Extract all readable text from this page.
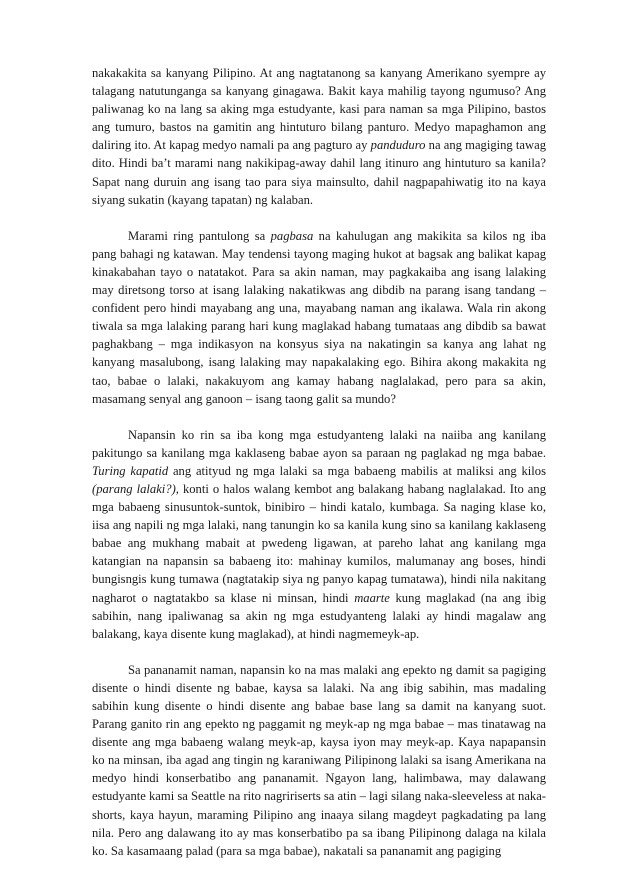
nakakakita sa kanyang Pilipino. At ang nagtatanong sa kanyang Amerikano syempre ay talagang natutunganga sa kanyang ginagawa. Bakit kaya mahilig tayong ngumuso? Ang paliwanag ko na lang sa aking mga estudyante, kasi para naman sa mga Pilipino, bastos ang tumuro, bastos na gamitin ang hintuturo bilang panturo. Medyo mapaghamon ang daliring ito. At kapag medyo namali pa ang pagturo ay panduduro na ang magiging tawag dito. Hindi ba’t marami nang nakikipag-away dahil lang itinuro ang hintuturo sa kanila? Sapat nang duruin ang isang tao para siya mainsulto, dahil nagpapahiwatig ito na kaya siyang sukatin (kayang tapatan) ng kalaban.

Marami ring pantulong sa pagbasa na kahulugan ang makikita sa kilos ng iba pang bahagi ng katawan. May tendensi tayong maging hukot at bagsak ang balikat kapag kinakabahan tayo o natatakot. Para sa akin naman, may pagkakaiba ang isang lalaking may diretsong torso at isang lalaking nakatikwas ang dibdib na parang isang tandang – confident pero hindi mayabang ang una, mayabang naman ang ikalawa. Wala rin akong tiwala sa mga lalaking parang hari kung maglakad habang tumataas ang dibdib sa bawat paghakbang – mga indikasyon na konsyus siya na nakatingin sa kanya ang lahat ng kanyang masalubong, isang lalaking may napakalaking ego. Bihira akong makakita ng tao, babae o lalaki, nakakuyom ang kamay habang naglalakad, pero para sa akin, masamang senyal ang ganoon – isang taong galit sa mundo?

Napansin ko rin sa iba kong mga estudyanteng lalaki na naiiba ang kanilang pakitungo sa kanilang mga kaklaseng babae ayon sa paraan ng paglakad ng mga babae. Turing kapatid ang atityud ng mga lalaki sa mga babaeng mabilis at maliksi ang kilos (parang lalaki?), konti o halos walang kembot ang balakang habang naglalakad. Ito ang mga babaeng sinusuntok-suntok, binibiro – hindi katalo, kumbaga. Sa naging klase ko, iisa ang napili ng mga lalaki, nang tanungin ko sa kanila kung sino sa kanilang kaklaseng babae ang mukhang mabait at pwedeng ligawan, at pareho lahat ang kanilang mga katangian na napansin sa babaeng ito: mahinay kumilos, malumanay ang boses, hindi bungisngis kung tumawa (nagtatakip siya ng panyo kapag tumatawa), hindi nila nakitang nagharot o nagtatakbo sa klase ni minsan, hindi maarte kung maglakad (na ang ibig sabihin, nang ipaliwanag sa akin ng mga estudyanteng lalaki ay hindi magalaw ang balakang, kaya disente kung maglakad), at hindi nagmemeyk-ap.

Sa pananamit naman, napansin ko na mas malaki ang epekto ng damit sa pagiging disente o hindi disente ng babae, kaysa sa lalaki. Na ang ibig sabihin, mas madaling sabihin kung disente o hindi disente ang babae base lang sa damit na kanyang suot. Parang ganito rin ang epekto ng paggamit ng meyk-ap ng mga babae – mas tinatawag na disente ang mga babaeng walang meyk-ap, kaysa iyon may meyk-ap. Kaya napapansin ko na minsan, iba agad ang tingin ng karaniwang Pilipinong lalaki sa isang Amerikana na medyo hindi konserbatibo ang pananamit. Ngayon lang, halimbawa, may dalawang estudyante kami sa Seattle na rito nagririserts sa atin – lagi silang naka-sleeveless at naka-shorts, kaya hayun, maraming Pilipino ang inaaya silang magdeyt pagkadating pa lang nila. Pero ang dalawang ito ay mas konserbatibo pa sa ibang Pilipinong dalaga na kilala ko. Sa kasamaang palad (para sa mga babae), nakatali sa pananamit ang pagiging
